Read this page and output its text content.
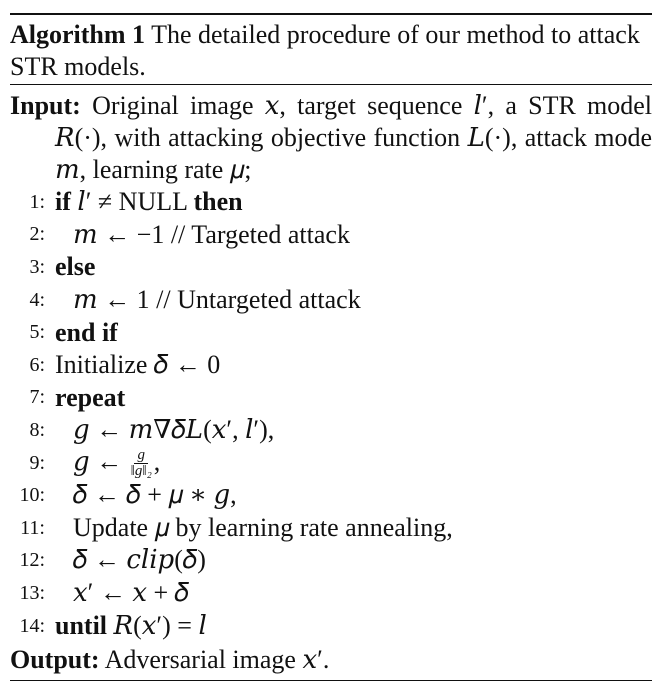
Algorithm 1 The detailed procedure of our method to attack STR models.
Input: Original image 𝑥, target sequence 𝑙′, a STR model 𝑅(·), with attacking objective function 𝐿(·), attack mode 𝑚, learning rate 𝜇;
1: if 𝑙′ ≠ NULL then
2:	𝑚 ← −1 // Targeted attack
3: else
4:	𝑚 ← 1 // Untargeted attack
5: end if
6: Initialize 𝛿 ← 0
7: repeat
8:	𝑔 ← 𝑚∇𝛿𝐿(𝑥′, 𝑙′),
9:	𝑔 ← $\frac{g}{\text{‖g‖₂}}$ ,
10:	𝛿 ← 𝛿 + 𝜇 ∗ 𝑔,
11:	Update 𝜇 by learning rate annealing,
12:	𝛿 ← 𝑐𝑙𝑖𝑝(𝛿)
13:	𝑥′ ← 𝑥 + 𝛿
14: until 𝑅(𝑥′) = 𝑙
Output: Adversarial image 𝑥′.
